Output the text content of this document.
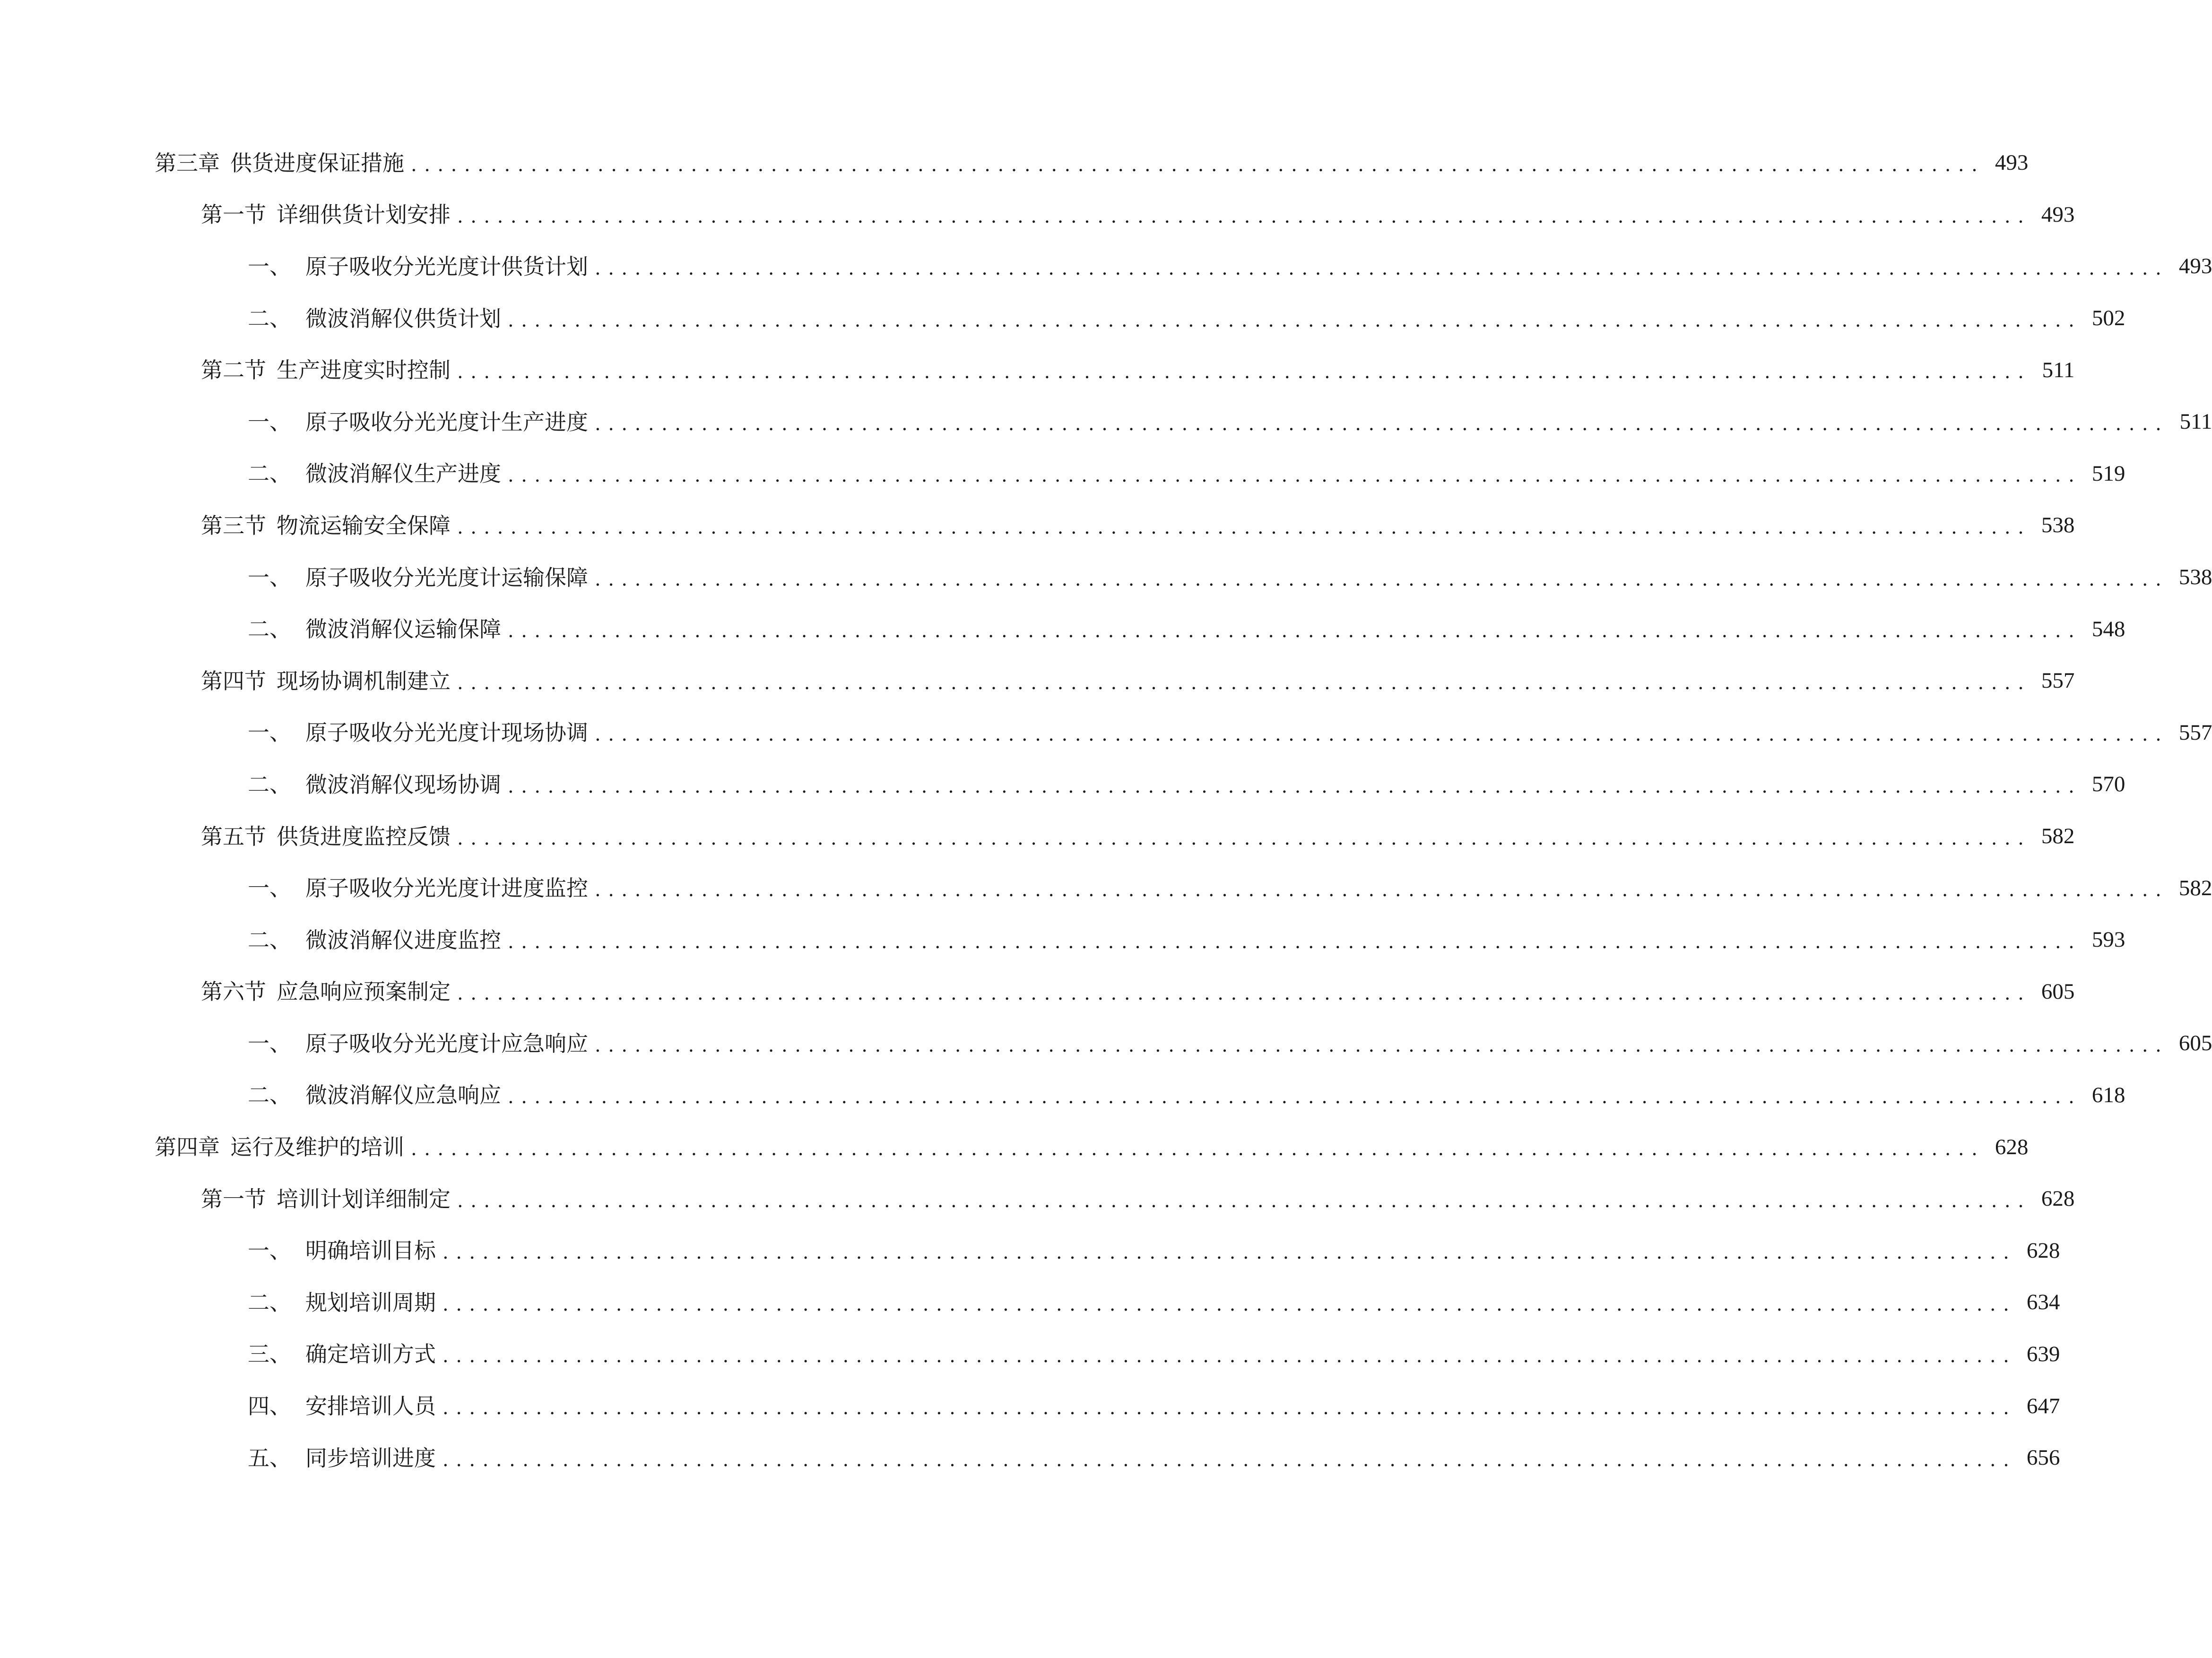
第三章 供货进度保证措施 ...................................................................................................................... 493
第一节 详细供货计划安排 ...................................................................................................................... 493
一、 原子吸收分光光度计供货计划 ...................................................................................................................... 493
二、 微波消解仪供货计划 ...................................................................................................................... 502
第二节 生产进度实时控制 ...................................................................................................................... 511
一、 原子吸收分光光度计生产进度 ...................................................................................................................... 511
二、 微波消解仪生产进度 ...................................................................................................................... 519
第三节 物流运输安全保障 ...................................................................................................................... 538
一、 原子吸收分光光度计运输保障 ...................................................................................................................... 538
二、 微波消解仪运输保障 ...................................................................................................................... 548
第四节 现场协调机制建立 ...................................................................................................................... 557
一、 原子吸收分光光度计现场协调 ...................................................................................................................... 557
二、 微波消解仪现场协调 ...................................................................................................................... 570
第五节 供货进度监控反馈 ...................................................................................................................... 582
一、 原子吸收分光光度计进度监控 ...................................................................................................................... 582
二、 微波消解仪进度监控 ...................................................................................................................... 593
第六节 应急响应预案制定 ...................................................................................................................... 605
一、 原子吸收分光光度计应急响应 ...................................................................................................................... 605
二、 微波消解仪应急响应 ...................................................................................................................... 618
第四章 运行及维护的培训 ...................................................................................................................... 628
第一节 培训计划详细制定 ...................................................................................................................... 628
一、 明确培训目标 ...................................................................................................................... 628
二、 规划培训周期 ...................................................................................................................... 634
三、 确定培训方式 ...................................................................................................................... 639
四、 安排培训人员 ...................................................................................................................... 647
五、 同步培训进度 ...................................................................................................................... 656
